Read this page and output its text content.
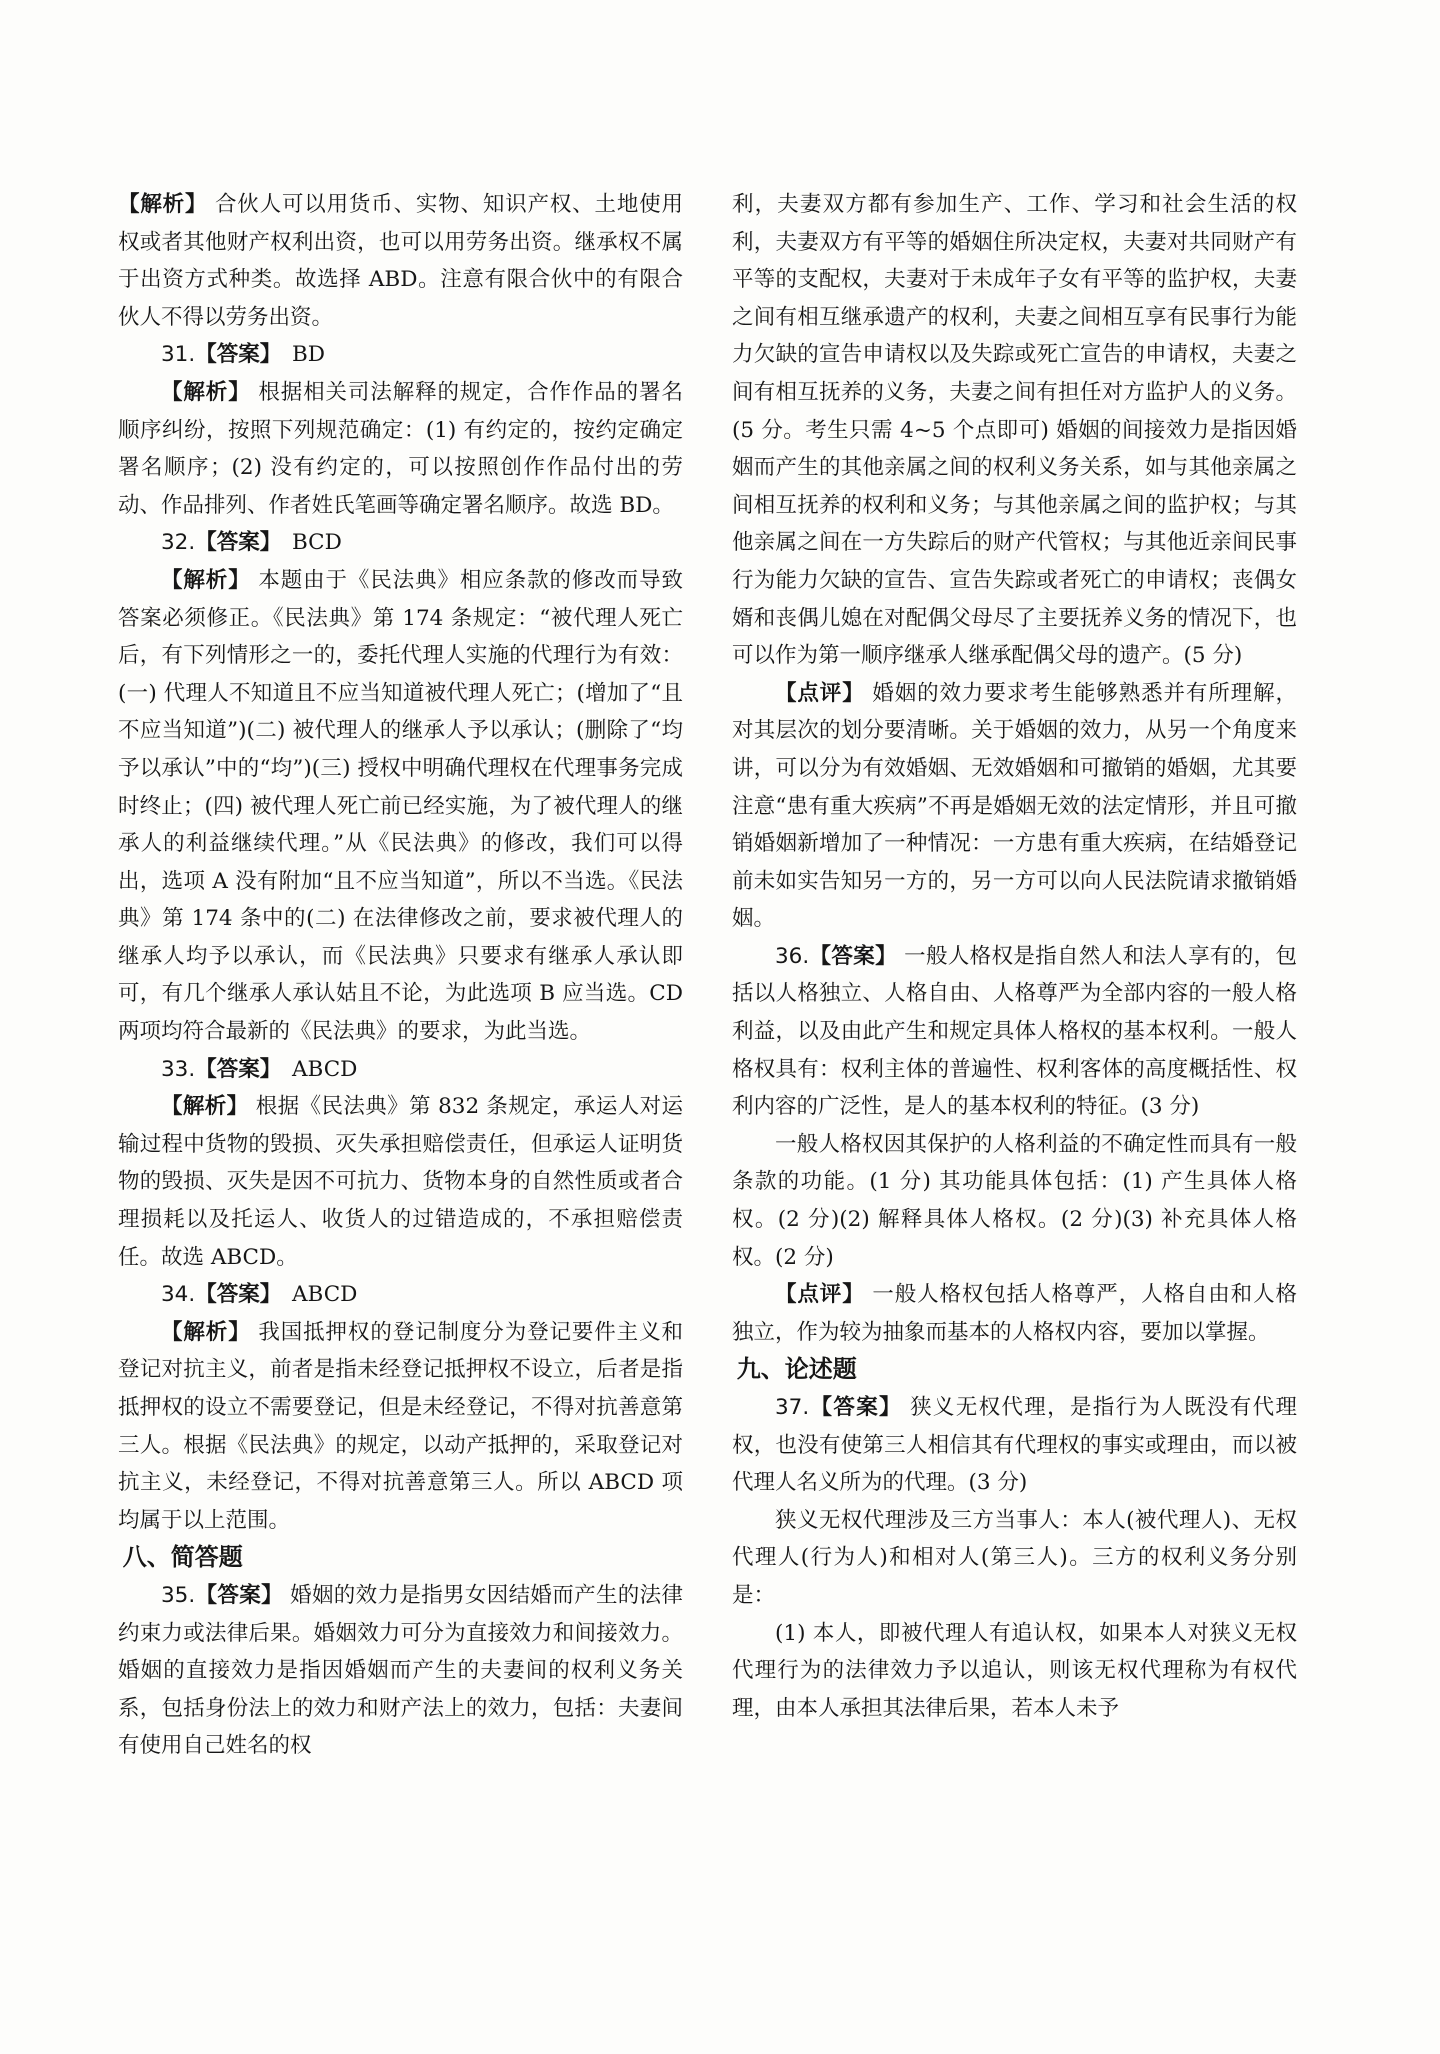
【解析】 合伙人可以用货币、实物、知识产权、土地使用权或者其他财产权利出资，也可以用劳务出资。继承权不属于出资方式种类。故选择 ABD。注意有限合伙中的有限合伙人不得以劳务出资。

31.【答案】 BD

【解析】 根据相关司法解释的规定，合作作品的署名顺序纠纷，按照下列规范确定：(1) 有约定的，按约定确定署名顺序；(2) 没有约定的，可以按照创作作品付出的劳动、作品排列、作者姓氏笔画等确定署名顺序。故选 BD。

32.【答案】 BCD

【解析】 本题由于《民法典》相应条款的修改而导致答案必须修正。《民法典》第 174 条规定：“被代理人死亡后，有下列情形之一的，委托代理人实施的代理行为有效：(一) 代理人不知道且不应当知道被代理人死亡；(增加了“且不应当知道”)(二) 被代理人的继承人予以承认；(删除了“均予以承认”中的“均”)(三) 授权中明确代理权在代理事务完成时终止；(四) 被代理人死亡前已经实施，为了被代理人的继承人的利益继续代理。”从《民法典》的修改，我们可以得出，选项 A 没有附加“且不应当知道”，所以不当选。《民法典》第 174 条中的(二) 在法律修改之前，要求被代理人的继承人均予以承认，而《民法典》只要求有继承人承认即可，有几个继承人承认姑且不论，为此选项 B 应当选。CD 两项均符合最新的《民法典》的要求，为此当选。

33.【答案】 ABCD

【解析】 根据《民法典》第 832 条规定，承运人对运输过程中货物的毁损、灭失承担赔偿责任，但承运人证明货物的毁损、灭失是因不可抗力、货物本身的自然性质或者合理损耗以及托运人、收货人的过错造成的，不承担赔偿责任。故选 ABCD。

34.【答案】 ABCD

【解析】 我国抵押权的登记制度分为登记要件主义和登记对抗主义，前者是指未经登记抵押权不设立，后者是指抵押权的设立不需要登记，但是未经登记，不得对抗善意第三人。根据《民法典》的规定，以动产抵押的，采取登记对抗主义，未经登记，不得对抗善意第三人。所以 ABCD 项均属于以上范围。

八、简答题

35.【答案】 婚姻的效力是指男女因结婚而产生的法律约束力或法律后果。婚姻效力可分为直接效力和间接效力。婚姻的直接效力是指因婚姻而产生的夫妻间的权利义务关系，包括身份法上的效力和财产法上的效力，包括：夫妻间有使用自己姓名的权

利，夫妻双方都有参加生产、工作、学习和社会生活的权利，夫妻双方有平等的婚姻住所决定权，夫妻对共同财产有平等的支配权，夫妻对于未成年子女有平等的监护权，夫妻之间有相互继承遗产的权利，夫妻之间相互享有民事行为能力欠缺的宣告申请权以及失踪或死亡宣告的申请权，夫妻之间有相互抚养的义务，夫妻之间有担任对方监护人的义务。(5 分。考生只需 4~5 个点即可) 婚姻的间接效力是指因婚姻而产生的其他亲属之间的权利义务关系，如与其他亲属之间相互抚养的权利和义务；与其他亲属之间的监护权；与其他亲属之间在一方失踪后的财产代管权；与其他近亲间民事行为能力欠缺的宣告、宣告失踪或者死亡的申请权；丧偶女婿和丧偶儿媳在对配偶父母尽了主要抚养义务的情况下，也可以作为第一顺序继承人继承配偶父母的遗产。(5 分)

【点评】 婚姻的效力要求考生能够熟悉并有所理解，对其层次的划分要清晰。关于婚姻的效力，从另一个角度来讲，可以分为有效婚姻、无效婚姻和可撤销的婚姻，尤其要注意“患有重大疾病”不再是婚姻无效的法定情形，并且可撤销婚姻新增加了一种情况：一方患有重大疾病，在结婚登记前未如实告知另一方的，另一方可以向人民法院请求撤销婚姻。

36.【答案】 一般人格权是指自然人和法人享有的，包括以人格独立、人格自由、人格尊严为全部内容的一般人格利益，以及由此产生和规定具体人格权的基本权利。一般人格权具有：权利主体的普遍性、权利客体的高度概括性、权利内容的广泛性，是人的基本权利的特征。(3 分)

一般人格权因其保护的人格利益的不确定性而具有一般条款的功能。(1 分) 其功能具体包括：(1) 产生具体人格权。(2 分)(2) 解释具体人格权。(2 分)(3) 补充具体人格权。(2 分)

【点评】 一般人格权包括人格尊严，人格自由和人格独立，作为较为抽象而基本的人格权内容，要加以掌握。

九、论述题

37.【答案】 狭义无权代理，是指行为人既没有代理权，也没有使第三人相信其有代理权的事实或理由，而以被代理人名义所为的代理。(3 分)

狭义无权代理涉及三方当事人：本人(被代理人)、无权代理人(行为人)和相对人(第三人)。三方的权利义务分别是：

(1) 本人，即被代理人有追认权，如果本人对狭义无权代理行为的法律效力予以追认，则该无权代理称为有权代理，由本人承担其法律后果，若本人未予
